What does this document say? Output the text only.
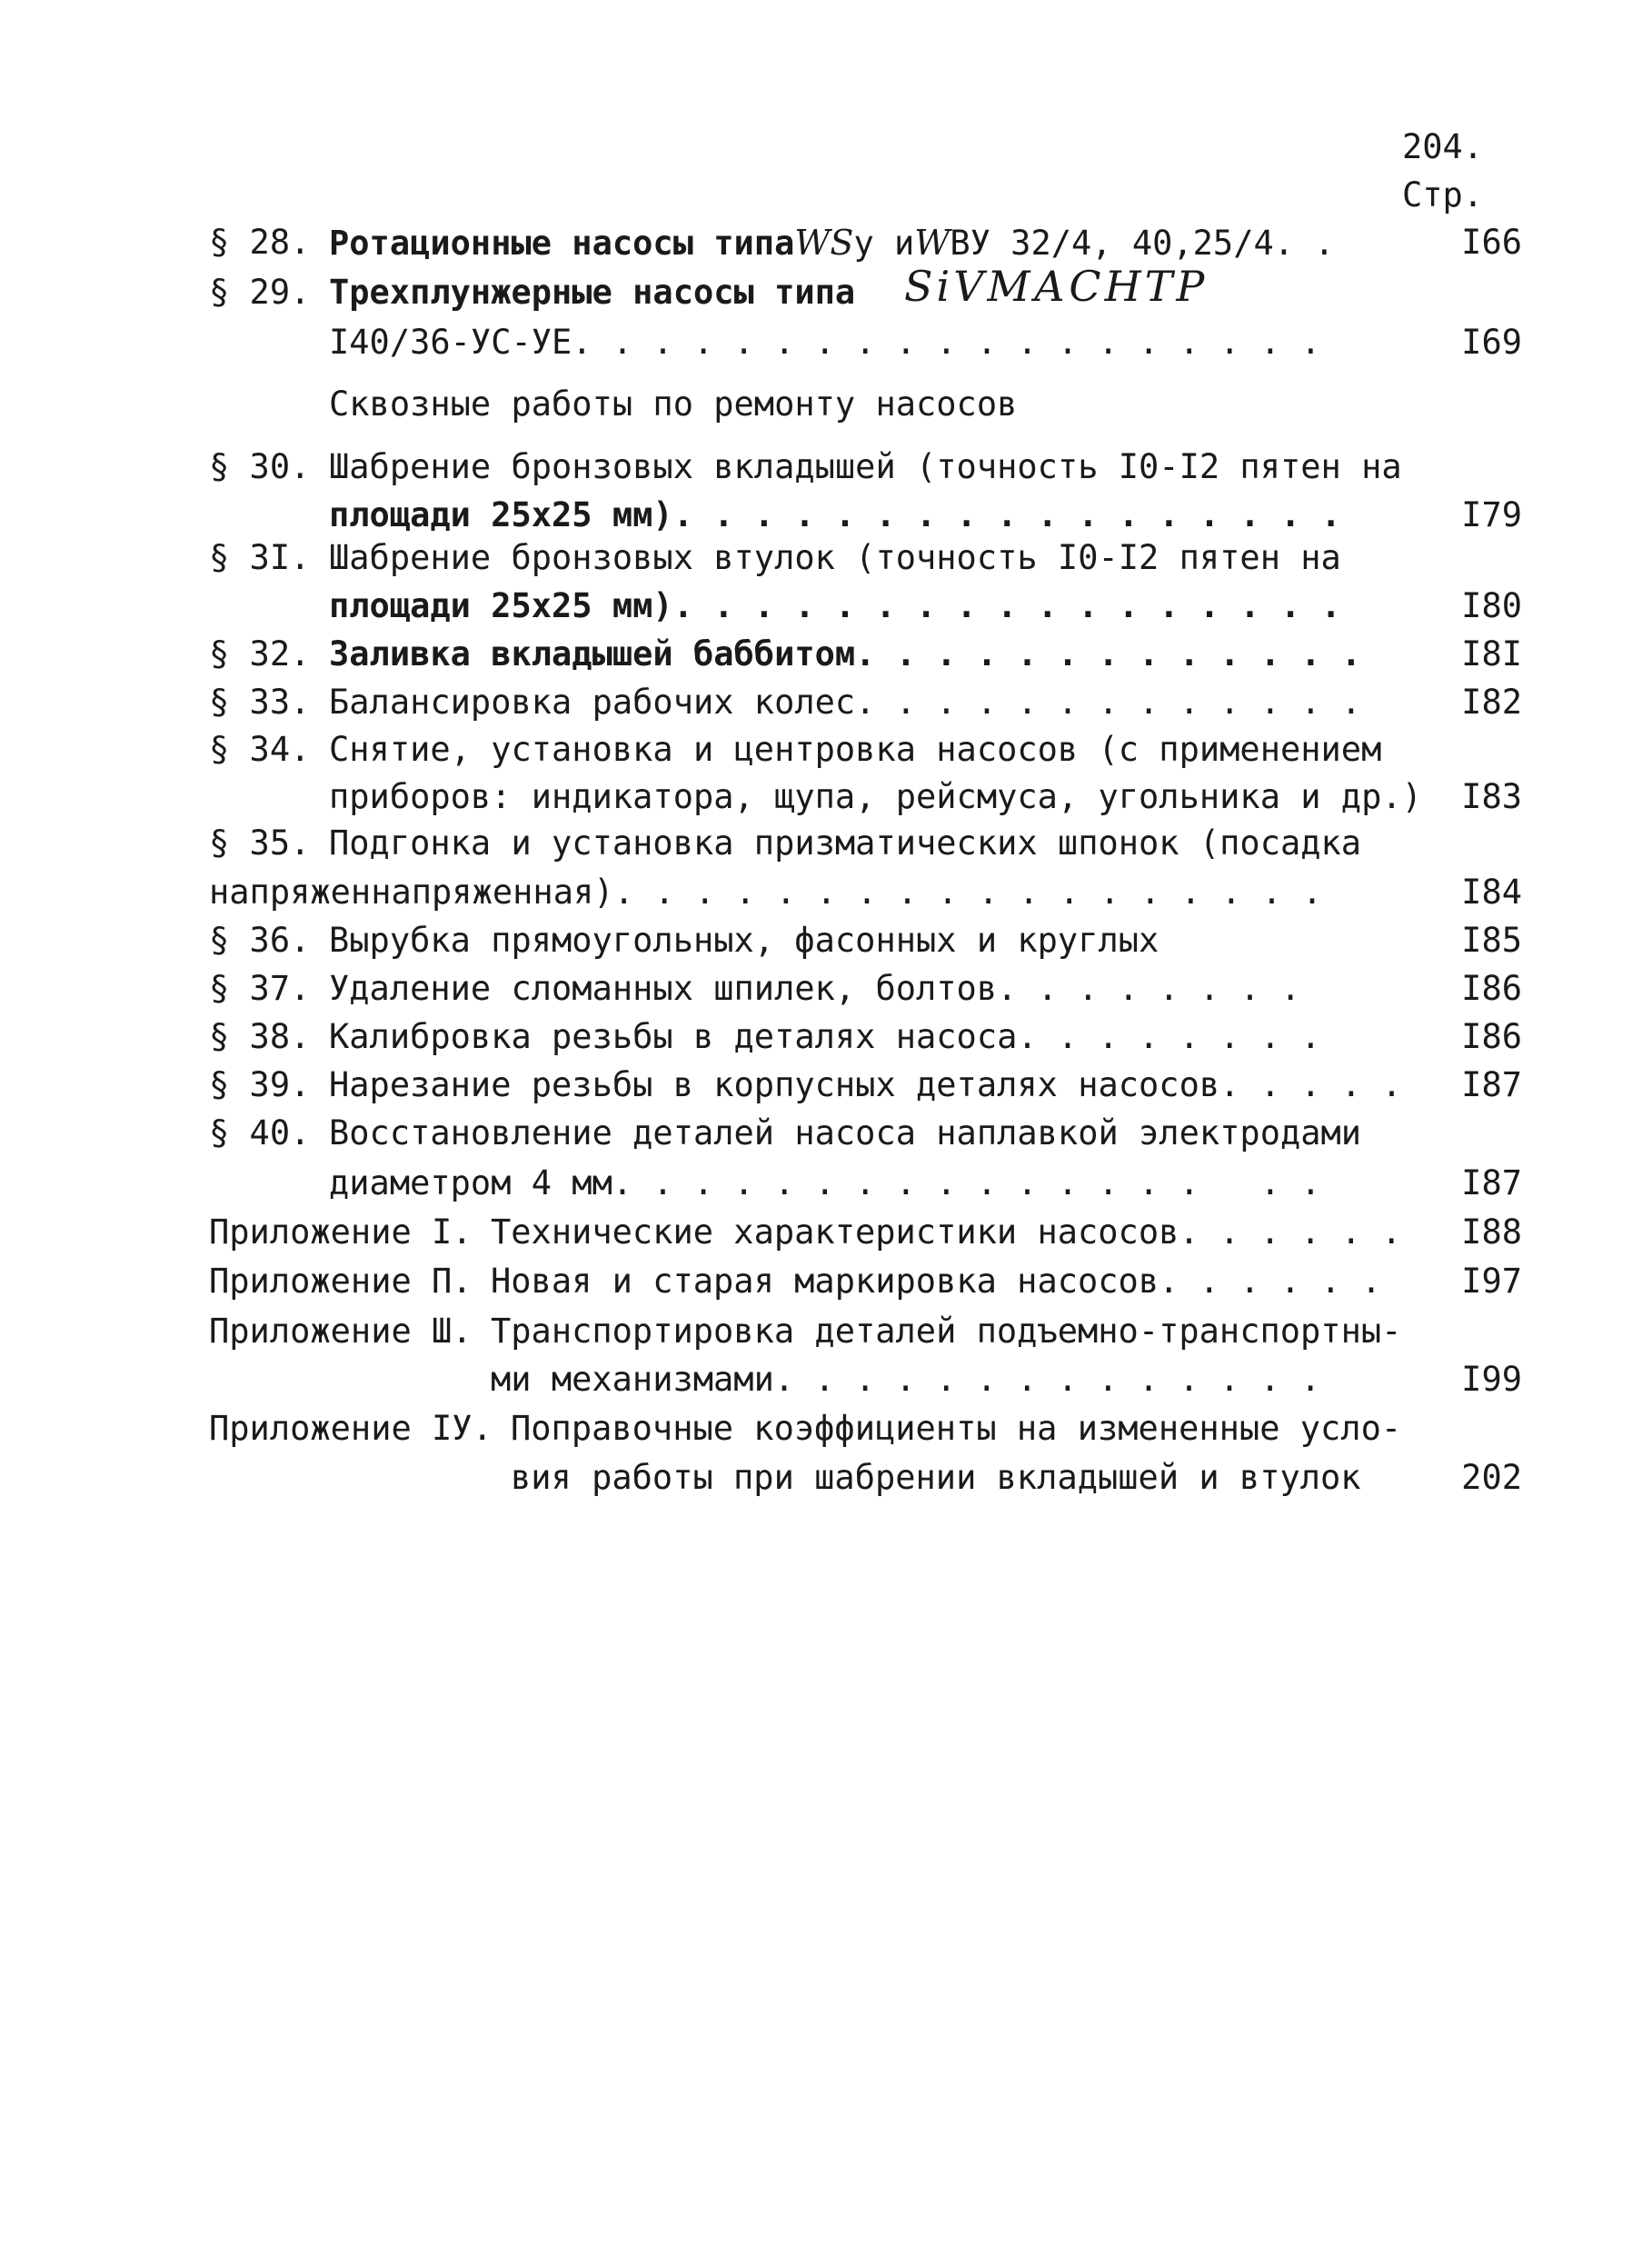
204.
Стр.
§ 28. Ротационные насосы типаWSу иWВУ 32/4, 40,25/4. .	I66
§ 29. Трехплунжерные насосы типа SiVМАСНТР
I40/36-УС-УЕ. . . . . . . . . . . . . . . . . . .	I69
Сквозные работы по ремонту насосов
§ 30. Шабрение бронзовых вкладышей (точность I0-I2 пятен на
площади 25х25 мм). . . . . . . . . . . . . . . . .	I79
§ 3I. Шабрение бронзовых втулок (точность I0-I2 пятен на
площади 25х25 мм). . . . . . . . . . . . . . . . .	I80
§ 32. Заливка вкладышей баббитом. . . . . . . . . . . . .	I8I
§ 33. Балансировка рабочих колес. . . . . . . . . . . . .	I82
§ 34. Снятие, установка и центровка насосов (с применением
приборов: индикатора, щупа, рейсмуса, угольника и др.) I83
§ 35. Подгонка и установка призматических шпонок (посадка
напряженнапряженная). . . . . . . . . . . . . . . . . .	I84
§ 36. Вырубка прямоугольных, фасонных и круглых	I85
§ 37. Удаление сломанных шпилек, болтов. . . . . . . .	I86
§ 38. Калибровка резьбы в деталях насоса. . . . . . . .	I86
§ 39. Нарезание резьбы в корпусных деталях насосов. . . . . I87
§ 40. Восстановление деталей насоса наплавкой электродами
диаметром 4 мм. . . . . . . . . . . . . . .   . .	I87
Приложение I. Технические характеристики насосов. . . . . . I88
Приложение П. Новая и старая маркировка насосов. . . . . . I97
Приложение Ш. Транспортировка деталей подъемно-транспортны-
ми механизмами. . . . . . . . . . . . . .	I99
Приложение IУ. Поправочные коэффициенты на измененные усло-
вия работы при шабрении вкладышей и втулок	202
